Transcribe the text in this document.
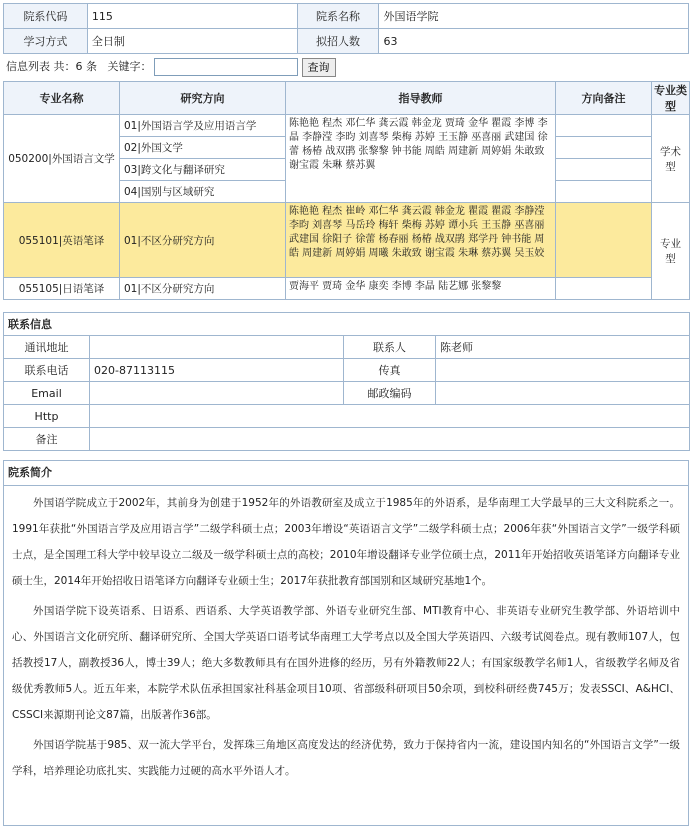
院系代码	115	院系名称	外国语学院
学习方式	全日制	拟招人数	63
信息列表 共：6 条 关键字：	查询
专业名称	研究方向	指导教师	方向备注	专业类型
050200|外国语言文学	01|外国语言学及应用语言学	陈艳艳 程杰 邓仁华 龚云霞 韩金龙 贾琦 金华 瞿霞 李博 李晶 李静滢 李昀 刘喜琴 柴梅 苏婷 王玉静 巫喜丽 武建国 徐蕾 杨椿 战双鹃 张黎黎 钟书能 周皓 周建新 周婷娟 朱敢致 谢宝霞 朱琳 蔡苏翼		学术型
	02|外国文学			
	03|跨文化与翻译研究			
	04|国别与区域研究			
055101|英语笔译	01|不区分研究方向	陈艳艳 程杰 崔岭 邓仁华 龚云霞 韩金龙 瞿霞 瞿霞 李静滢 李昀 刘喜琴 马岳玲 梅轩 柴梅 苏婷 谭小兵 王玉静 巫喜丽 武建国 徐阳子 徐蕾 杨春丽 杨椿 战双鹃 郑学丹 钟书能 周皓 周建新 周婷娟 周曦 朱敢致 谢宝霞 朱琳 蔡苏翼 吴玉姣		专业型
055105|日语笔译	01|不区分研究方向	贾海平 贾琦 金华 康奕 李博 李晶 陆艺娜 张黎黎		
联系信息			
通讯地址		联系人	陈老师
联系电话	020-87113115	传真	
Email		邮政编码	
Http			
备注			
院系简介

外国语学院成立于2002年，其前身为创建于1952年的外语教研室及成立于1985年的外语系，是华南理工大学最早的三大文科院系之一。1991年获批“外国语言学及应用语言学”二级学科硕士点；2003年增设“英语语言文学”二级学科硕士点；2006年获“外国语言文学”一级学科硕士点，是全国理工科大学中较早设立二级及一级学科硕士点的高校；2010年增设翻译专业学位硕士点，2011年开始招收英语笔译方向翻译专业硕士生，2014年开始招收日语笔译方向翻译专业硕士生；2017年获批教育部国别和区域研究基地1个。

外国语学院下设英语系、日语系、西语系、大学英语教学部、外语专业研究生部、MTI教育中心、非英语专业研究生教学部、外语培训中心、外国语言文化研究所、翻译研究所、全国大学英语口语考试华南理工大学考点以及全国大学英语四、六级考试阅卷点。现有教师107人，包括教授17人，副教授36人，博士39人；绝大多数教师具有在国外进修的经历，另有外籍教师22人；有国家级教学名师1人，省级教学名师及省级优秀教师5人。近五年来，本院学术队伍承担国家社科基金项目10项、省部级科研项目50余项，到校科研经费745万；发表SSCI、A&HCI、CSSCI来源期刊论文87篇，出版著作36部。

外国语学院基于985、双一流大学平台，发挥珠三角地区高度发达的经济优势，致力于保持省内一流，建设国内知名的“外国语言文学”一级学科，培养理论功底扎实、实践能力过硬的高水平外语人才。
